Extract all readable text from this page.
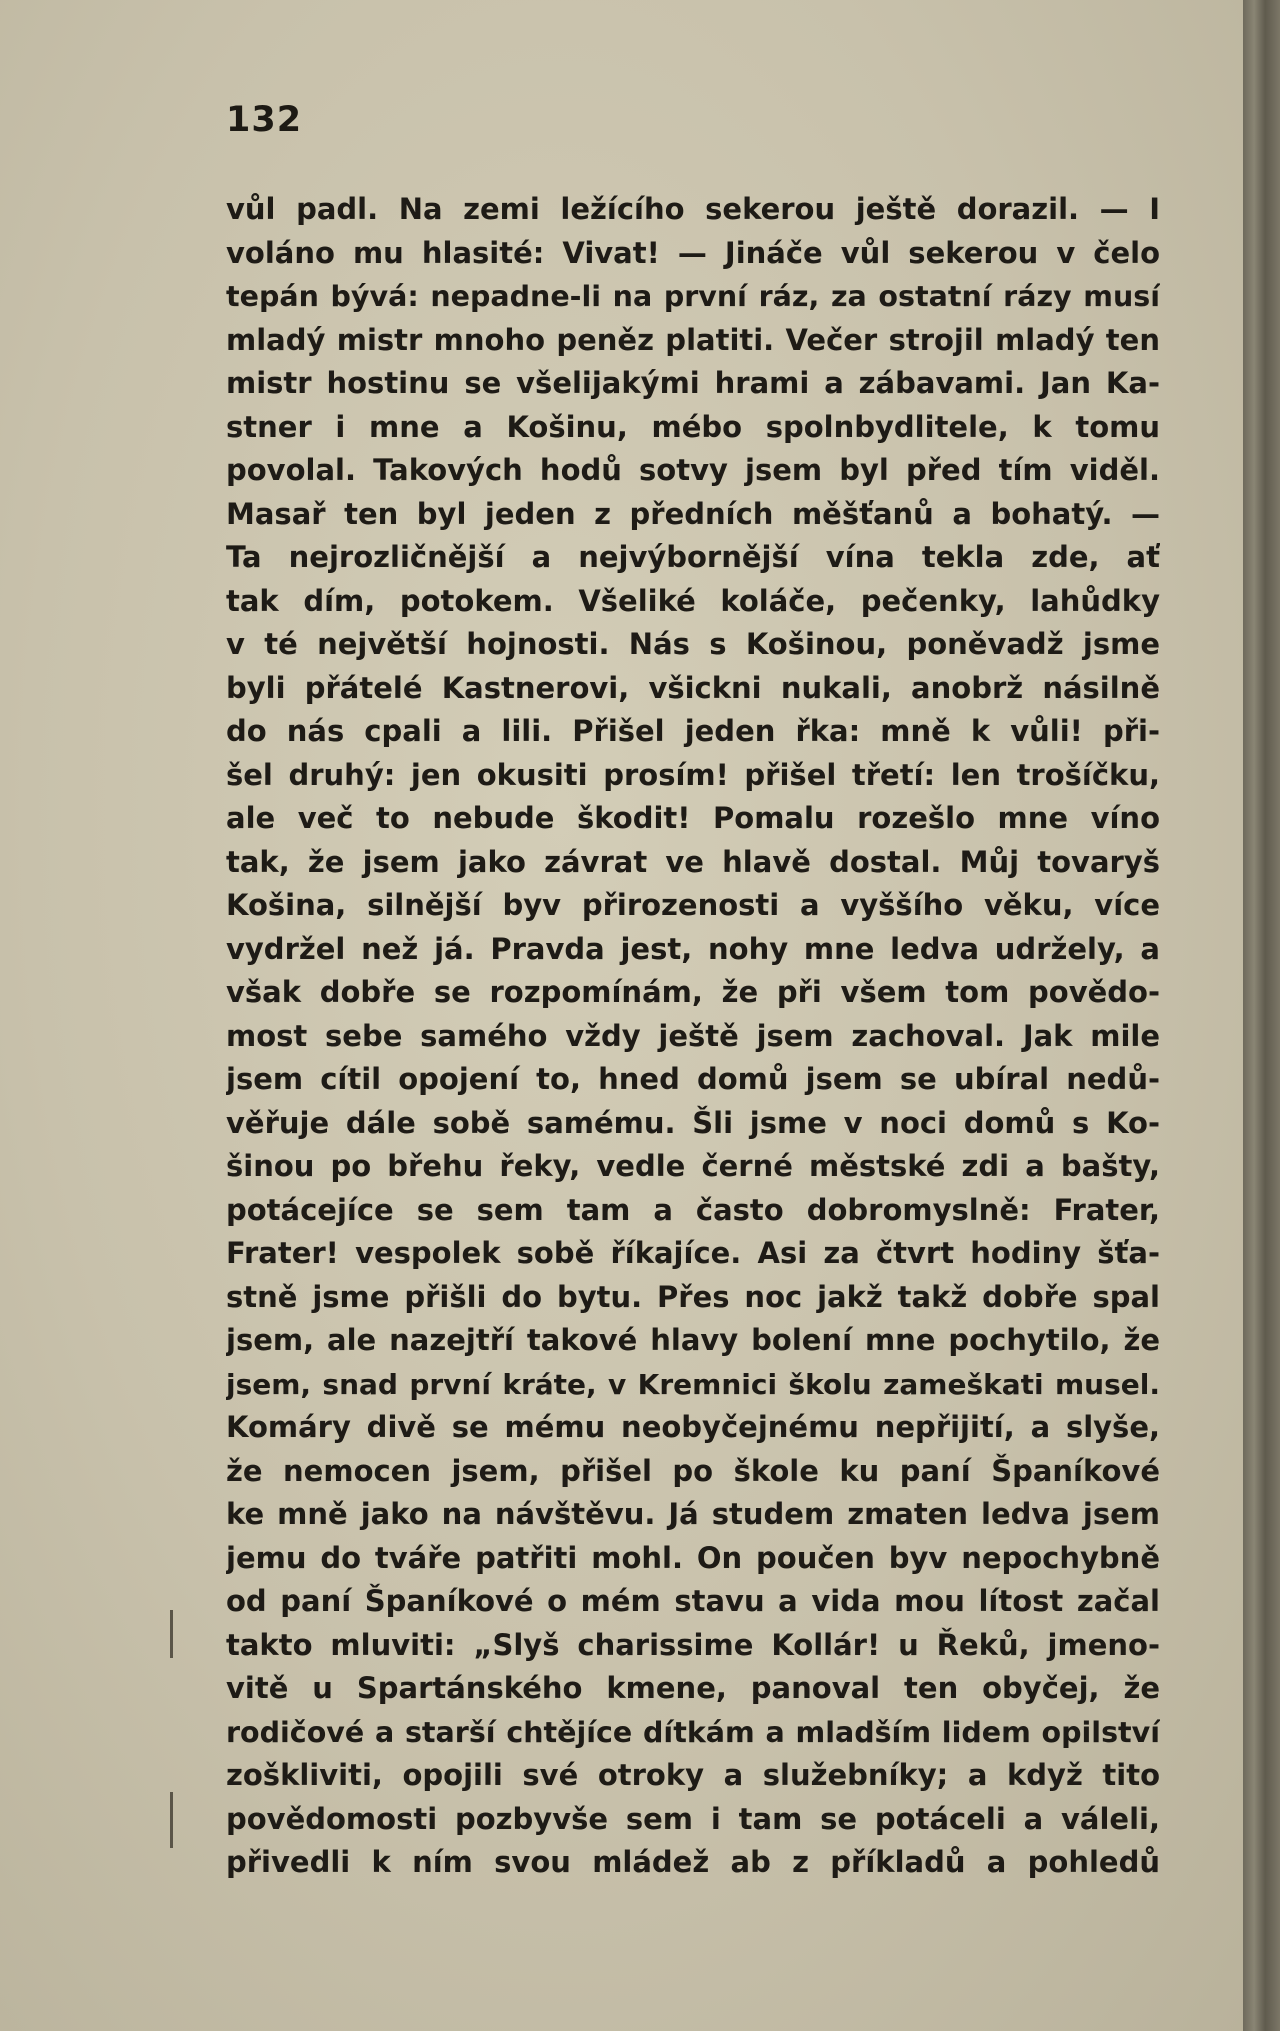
132
vůl padl. Na zemi ležícího sekerou ještě dorazil. — I
voláno mu hlasité: Vivat! — Jináče vůl sekerou v čelo
tepán bývá: nepadne-li na první ráz, za ostatní rázy musí
mladý mistr mnoho peněz platiti. Večer strojil mladý ten
mistr hostinu se všelijakými hrami a zábavami. Jan Ka-
stner i mne a Košinu, mébo spolnbydlitele, k tomu
povolal. Takových hodů sotvy jsem byl před tím viděl.
Masař ten byl jeden z předních měšťanů a bohatý. —
Ta nejrozličnější a nejvýbornější vína tekla zde, ať
tak dím, potokem. Všeliké koláče, pečenky, lahůdky
v té největší hojnosti. Nás s Košinou, poněvadž jsme
byli přátelé Kastnerovi, všickni nukali, anobrž násilně
do nás cpali a lili. Přišel jeden řka: mně k vůli! při-
šel druhý: jen okusiti prosím! přišel třetí: len trošíčku,
ale več to nebude škodit! Pomalu rozešlo mne víno
tak, že jsem jako závrat ve hlavě dostal. Můj tovaryš
Košina, silnější byv přirozenosti a vyššího věku, více
vydržel než já. Pravda jest, nohy mne ledva udržely, a
však dobře se rozpomínám, že při všem tom povědo-
most sebe samého vždy ještě jsem zachoval. Jak mile
jsem cítil opojení to, hned domů jsem se ubíral nedů-
věřuje dále sobě samému. Šli jsme v noci domů s Ko-
šinou po břehu řeky, vedle černé městské zdi a bašty,
potácejíce se sem tam a často dobromyslně: Frater,
Frater! vespolek sobě říkajíce. Asi za čtvrt hodiny šťa-
stně jsme přišli do bytu. Přes noc jakž takž dobře spal
jsem, ale nazejtří takové hlavy bolení mne pochytilo, že
jsem, snad první kráte, v Kremnici školu zameškati musel.
Komáry divě se mému neobyčejnému nepřijití, a slyše,
že nemocen jsem, přišel po škole ku paní Španíkové
ke mně jako na návštěvu. Já studem zmaten ledva jsem
jemu do tváře patřiti mohl. On poučen byv nepochybně
od paní Španíkové o mém stavu a vida mou lítost začal
takto mluviti: „Slyš charissime Kollár! u Řeků, jmeno-
vitě u Spartánského kmene, panoval ten obyčej, že
rodičové a starší chtějíce dítkám a mladším lidem opilství
zoškliviti, opojili své otroky a služebníky; a když tito
povědomosti pozbyvše sem i tam se potáceli a váleli,
přivedli k ním svou mládež ab z příkladů a pohledů
